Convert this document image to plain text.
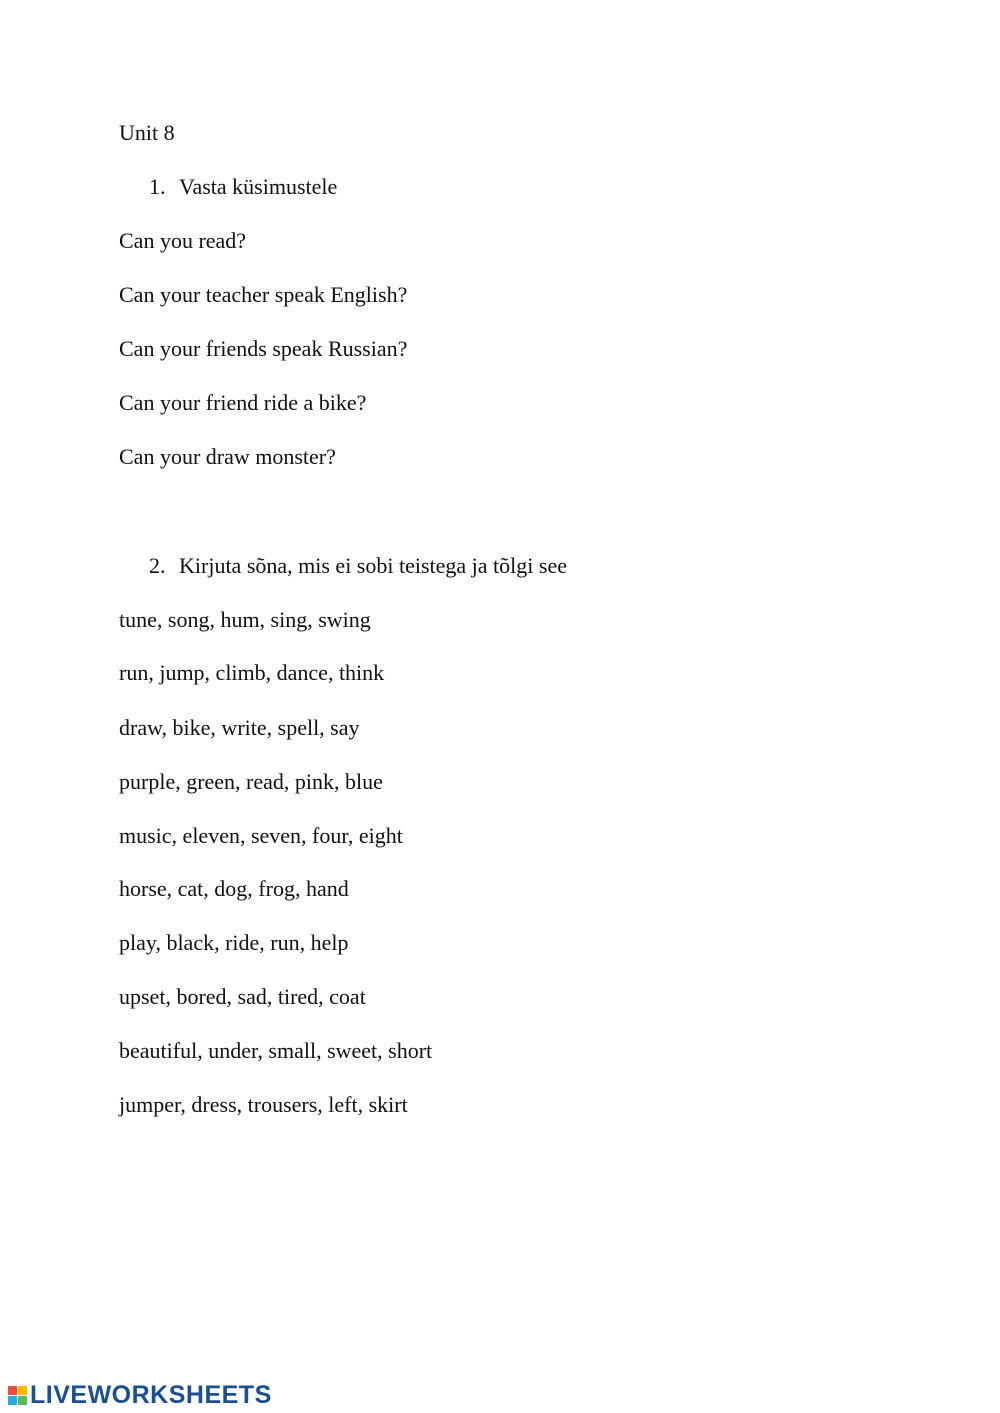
Unit 8
1. Vasta küsimustele
Can you read?
Can your teacher speak English?
Can your friends speak Russian?
Can your friend ride a bike?
Can your draw monster?
2. Kirjuta sõna, mis ei sobi teistega ja tõlgi see
tune, song, hum, sing, swing
run, jump, climb, dance, think
draw, bike, write, spell, say
purple, green, read, pink, blue
music, eleven, seven, four, eight
horse, cat, dog, frog, hand
play, black, ride, run, help
upset, bored, sad, tired, coat
beautiful, under, small, sweet, short
jumper, dress, trousers, left, skirt
LIVEWORKSHEETS
